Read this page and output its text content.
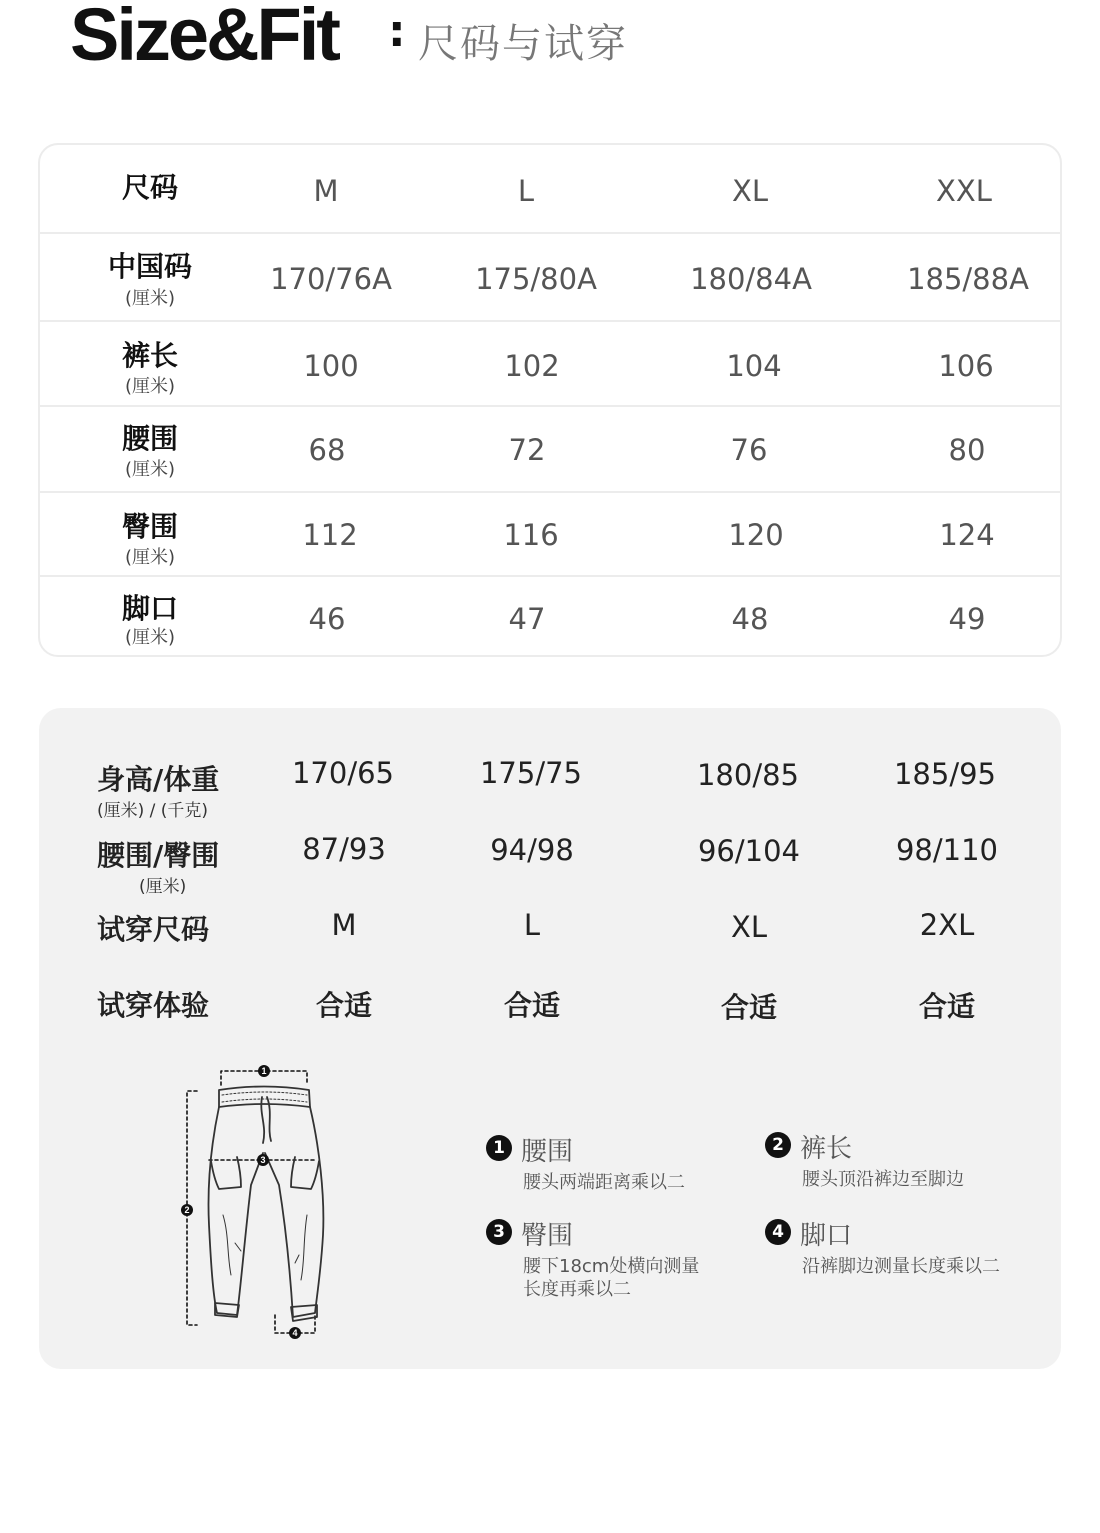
Size&Fit : 尺码与试穿
尺码	M	L	XL	XXL
中国码
(厘米)
170/76A	175/80A	180/84A	185/88A
裤长
(厘米)
100	102	104	106
腰围
(厘米)
68	72	76	80
臀围
(厘米)
112	116	120	124
脚口
(厘米)
46	47	48	49
身高/体重
(厘米) / (千克)
170/65	175/75	180/85	185/95
腰围/臀围
(厘米)
87/93	94/98	96/104	98/110
试穿尺码	M	L	XL	2XL
试穿体验	合适	合适	合适	合适
1
2
3
4
1 腰围
腰头两端距离乘以二
2 裤长
腰头顶沿裤边至脚边
3 臀围
腰下18cm处横向测量
长度再乘以二
4 脚口
沿裤脚边测量长度乘以二
